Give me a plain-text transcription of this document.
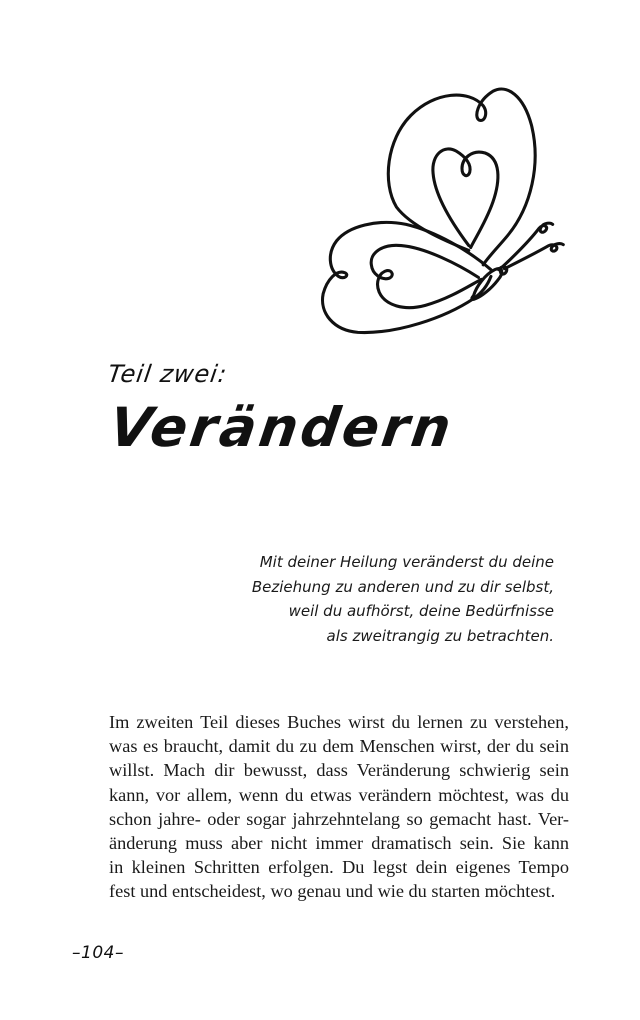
Teil zwei:
Verändern
Mit deiner Heilung veränderst du deine
Beziehung zu anderen und zu dir selbst,
weil du aufhörst, deine Bedürfnisse
als zweitrangig zu betrachten.
Im zweiten Teil dieses Buches wirst du lernen zu verstehen,
was es braucht, damit du zu dem Menschen wirst, der du sein
willst. Mach dir bewusst, dass Veränderung schwierig sein
kann, vor allem, wenn du etwas verändern möchtest, was du
schon jahre- oder sogar jahrzehntelang so gemacht hast. Ver-
änderung muss aber nicht immer dramatisch sein. Sie kann
in kleinen Schritten erfolgen. Du legst dein eigenes Tempo
fest und entscheidest, wo genau und wie du starten möchtest.
–104–
